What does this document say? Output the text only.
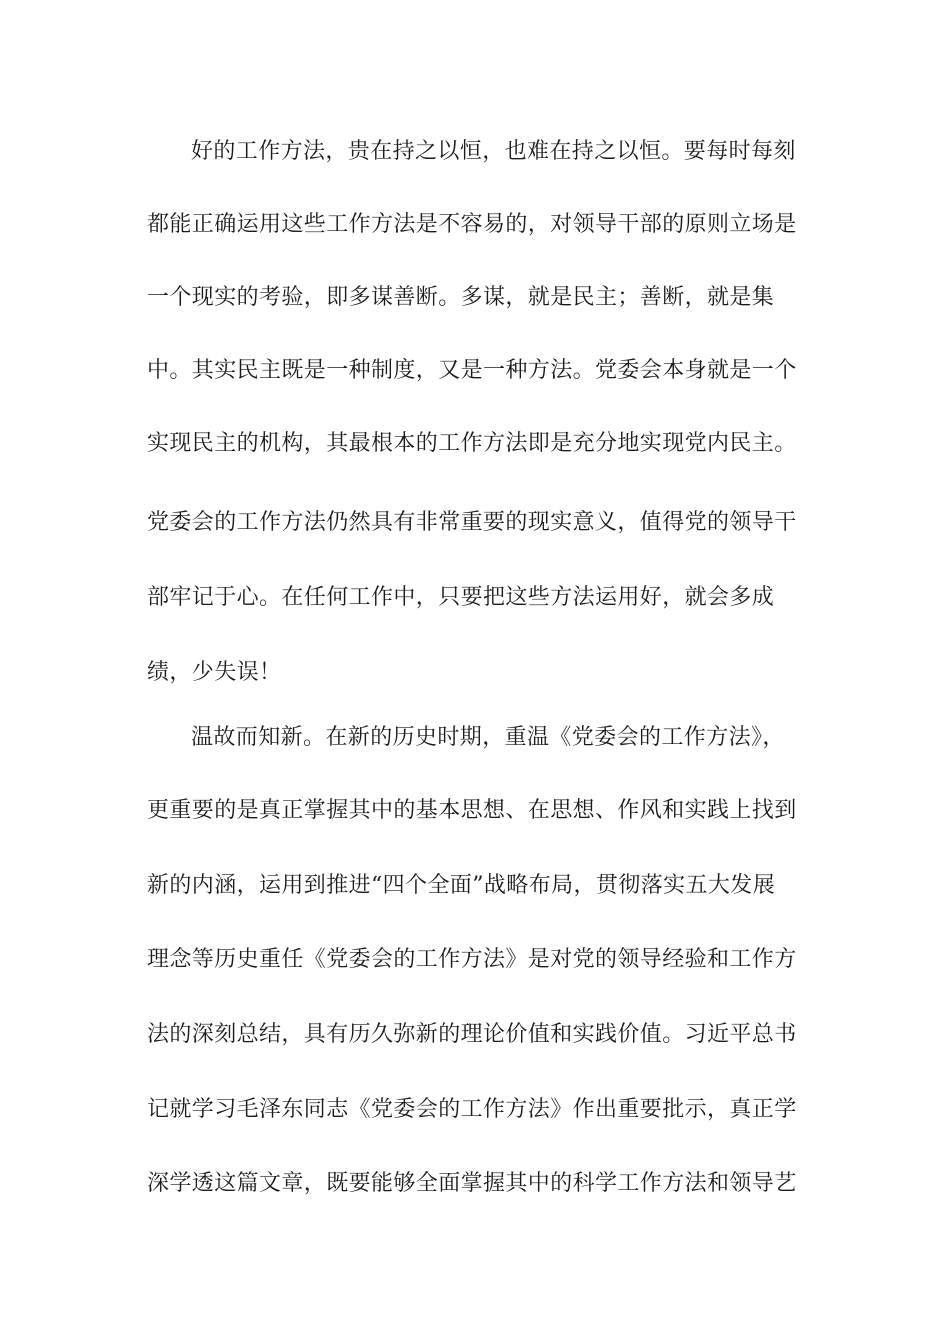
好的工作方法，贵在持之以恒，也难在持之以恒。要每时每刻
都能正确运用这些工作方法是不容易的，对领导干部的原则立场是
一个现实的考验，即多谋善断。多谋，就是民主；善断，就是集
中。其实民主既是一种制度，又是一种方法。党委会本身就是一个
实现民主的机构，其最根本的工作方法即是充分地实现党内民主。
党委会的工作方法仍然具有非常重要的现实意义，值得党的领导干
部牢记于心。在任何工作中，只要把这些方法运用好，就会多成
绩，少失误！
温故而知新。在新的历史时期，重温《党委会的工作方法》，
更重要的是真正掌握其中的基本思想、在思想、作风和实践上找到
新的内涵，运用到推进“四个全面”战略布局，贯彻落实五大发展
理念等历史重任《党委会的工作方法》是对党的领导经验和工作方
法的深刻总结，具有历久弥新的理论价值和实践价值。习近平总书
记就学习毛泽东同志《党委会的工作方法》作出重要批示，真正学
深学透这篇文章，既要能够全面掌握其中的科学工作方法和领导艺
